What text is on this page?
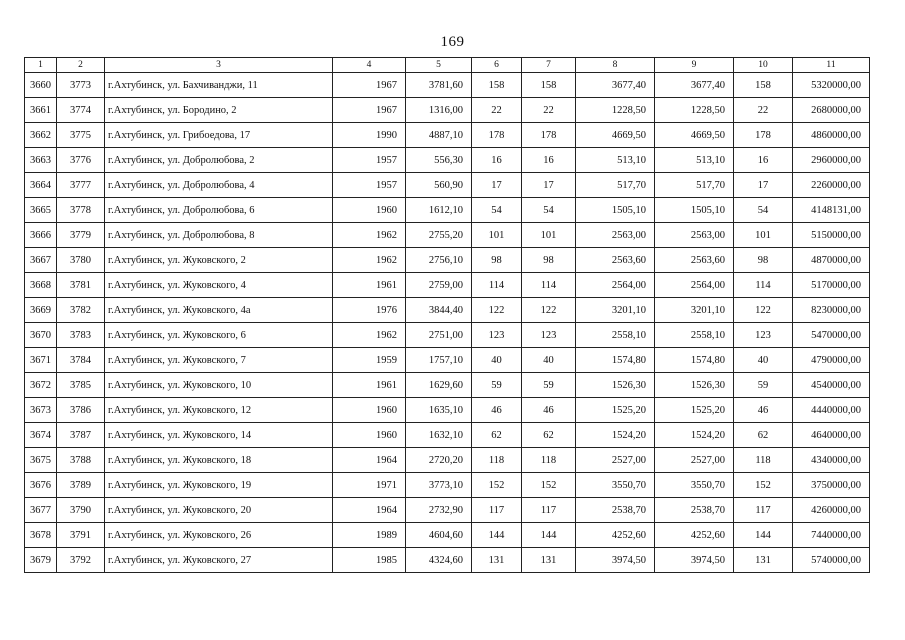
169
1	2	3	4	5	6	7	8	9	10	11
3660	3773	г.Ахтубинск, ул. Бахчиванджи, 11	1967	3781,60	158	158	3677,40	3677,40	158	5320000,00
3661	3774	г.Ахтубинск, ул. Бородино, 2	1967	1316,00	22	22	1228,50	1228,50	22	2680000,00
3662	3775	г.Ахтубинск, ул. Грибоедова, 17	1990	4887,10	178	178	4669,50	4669,50	178	4860000,00
3663	3776	г.Ахтубинск, ул. Добролюбова, 2	1957	556,30	16	16	513,10	513,10	16	2960000,00
3664	3777	г.Ахтубинск, ул. Добролюбова, 4	1957	560,90	17	17	517,70	517,70	17	2260000,00
3665	3778	г.Ахтубинск, ул. Добролюбова, 6	1960	1612,10	54	54	1505,10	1505,10	54	4148131,00
3666	3779	г.Ахтубинск, ул. Добролюбова, 8	1962	2755,20	101	101	2563,00	2563,00	101	5150000,00
3667	3780	г.Ахтубинск, ул. Жуковского, 2	1962	2756,10	98	98	2563,60	2563,60	98	4870000,00
3668	3781	г.Ахтубинск, ул. Жуковского, 4	1961	2759,00	114	114	2564,00	2564,00	114	5170000,00
3669	3782	г.Ахтубинск, ул. Жуковского, 4а	1976	3844,40	122	122	3201,10	3201,10	122	8230000,00
3670	3783	г.Ахтубинск, ул. Жуковского, 6	1962	2751,00	123	123	2558,10	2558,10	123	5470000,00
3671	3784	г.Ахтубинск, ул. Жуковского, 7	1959	1757,10	40	40	1574,80	1574,80	40	4790000,00
3672	3785	г.Ахтубинск, ул. Жуковского, 10	1961	1629,60	59	59	1526,30	1526,30	59	4540000,00
3673	3786	г.Ахтубинск, ул. Жуковского, 12	1960	1635,10	46	46	1525,20	1525,20	46	4440000,00
3674	3787	г.Ахтубинск, ул. Жуковского, 14	1960	1632,10	62	62	1524,20	1524,20	62	4640000,00
3675	3788	г.Ахтубинск, ул. Жуковского, 18	1964	2720,20	118	118	2527,00	2527,00	118	4340000,00
3676	3789	г.Ахтубинск, ул. Жуковского, 19	1971	3773,10	152	152	3550,70	3550,70	152	3750000,00
3677	3790	г.Ахтубинск, ул. Жуковского, 20	1964	2732,90	117	117	2538,70	2538,70	117	4260000,00
3678	3791	г.Ахтубинск, ул. Жуковского, 26	1989	4604,60	144	144	4252,60	4252,60	144	7440000,00
3679	3792	г.Ахтубинск, ул. Жуковского, 27	1985	4324,60	131	131	3974,50	3974,50	131	5740000,00
